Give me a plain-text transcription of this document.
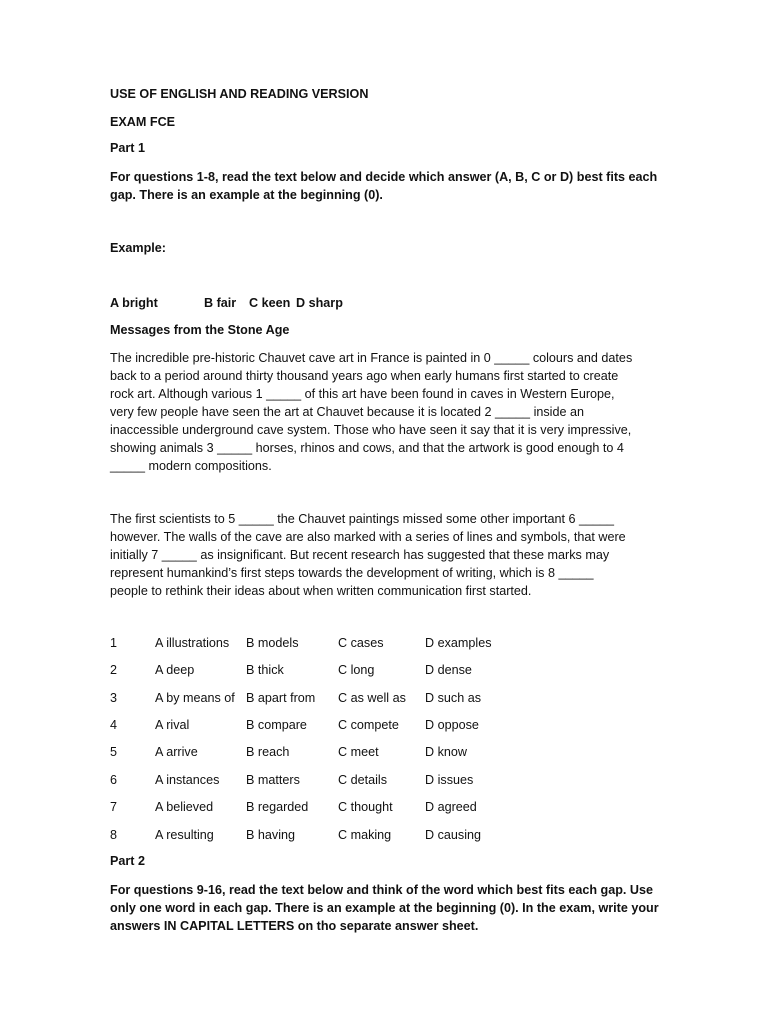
USE OF ENGLISH AND READING VERSION
EXAM FCE
Part 1

For questions 1-8, read the text below and decide which answer (A, B, C or D) best fits each

gap. There is an example at the beginning (0).

Example:
A bright	B fair C keen D sharp
Messages from the Stone Age

The incredible pre-historic Chauvet cave art in France is painted in 0 _____ colours and dates

back to a period around thirty thousand years ago when early humans first started to create

rock art. Although various 1 _____ of this art have been found in caves in Western Europe,

very few people have seen the art at Chauvet because it is located 2 _____ inside an

inaccessible underground cave system. Those who have seen it say that it is very impressive,

showing animals 3 _____ horses, rhinos and cows, and that the artwork is good enough to 4

_____ modern compositions.

The first scientists to 5 _____ the Chauvet paintings missed some other important 6 _____

however. The walls of the cave are also marked with a series of lines and symbols, that were

initially 7 _____ as insignificant. But recent research has suggested that these marks may

represent humankind’s first steps towards the development of writing, which is 8 _____

people to rethink their ideas about when written communication first started.

1	A illustrations B models	C cases	D examples
2	A deep	B thick	C long	D dense
3	A by means of B apart from C as well as D such as
4	A rival	B compare C compete D oppose
5	A arrive	B reach	C meet	D know
6	A instances B matters	C details	D issues
7	A believed	B regarded C thought	D agreed
8	A resulting	B having	C making	D causing
Part 2

For questions 9-16, read the text below and think of the word which best fits each gap. Use

only one word in each gap. There is an example at the beginning (0). In the exam, write your

answers IN CAPITAL LETTERS on tho separate answer sheet.
